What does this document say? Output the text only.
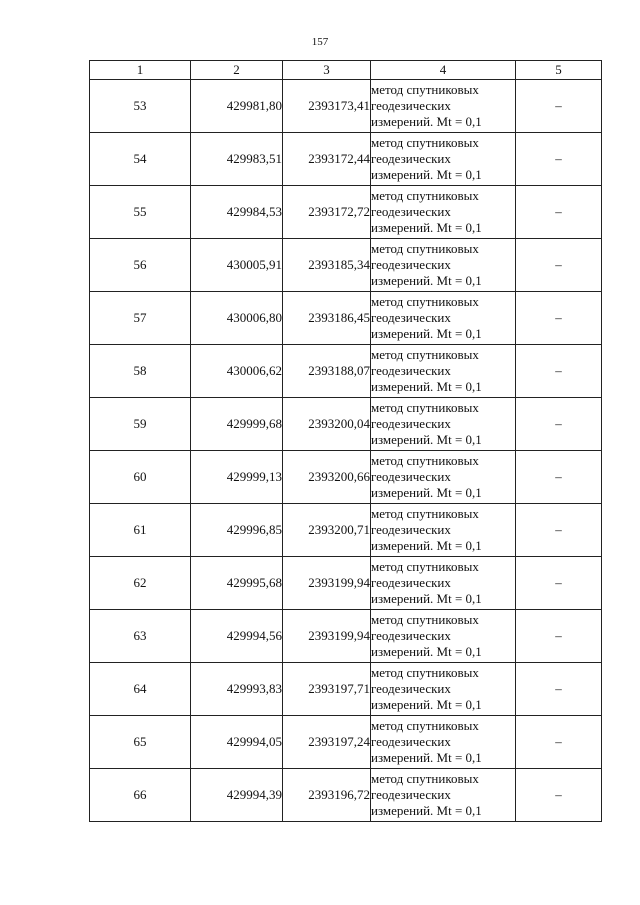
157
1	2	3	4	5
53	429981,80	2393173,41	метод спутниковых
геодезических
измерений. Mt = 0,1	–
54	429983,51	2393172,44	метод спутниковых
геодезических
измерений. Mt = 0,1	–
55	429984,53	2393172,72	метод спутниковых
геодезических
измерений. Mt = 0,1	–
56	430005,91	2393185,34	метод спутниковых
геодезических
измерений. Mt = 0,1	–
57	430006,80	2393186,45	метод спутниковых
геодезических
измерений. Mt = 0,1	–
58	430006,62	2393188,07	метод спутниковых
геодезических
измерений. Mt = 0,1	–
59	429999,68	2393200,04	метод спутниковых
геодезических
измерений. Mt = 0,1	–
60	429999,13	2393200,66	метод спутниковых
геодезических
измерений. Mt = 0,1	–
61	429996,85	2393200,71	метод спутниковых
геодезических
измерений. Mt = 0,1	–
62	429995,68	2393199,94	метод спутниковых
геодезических
измерений. Mt = 0,1	–
63	429994,56	2393199,94	метод спутниковых
геодезических
измерений. Mt = 0,1	–
64	429993,83	2393197,71	метод спутниковых
геодезических
измерений. Mt = 0,1	–
65	429994,05	2393197,24	метод спутниковых
геодезических
измерений. Mt = 0,1	–
66	429994,39	2393196,72	метод спутниковых
геодезических
измерений. Mt = 0,1	–
